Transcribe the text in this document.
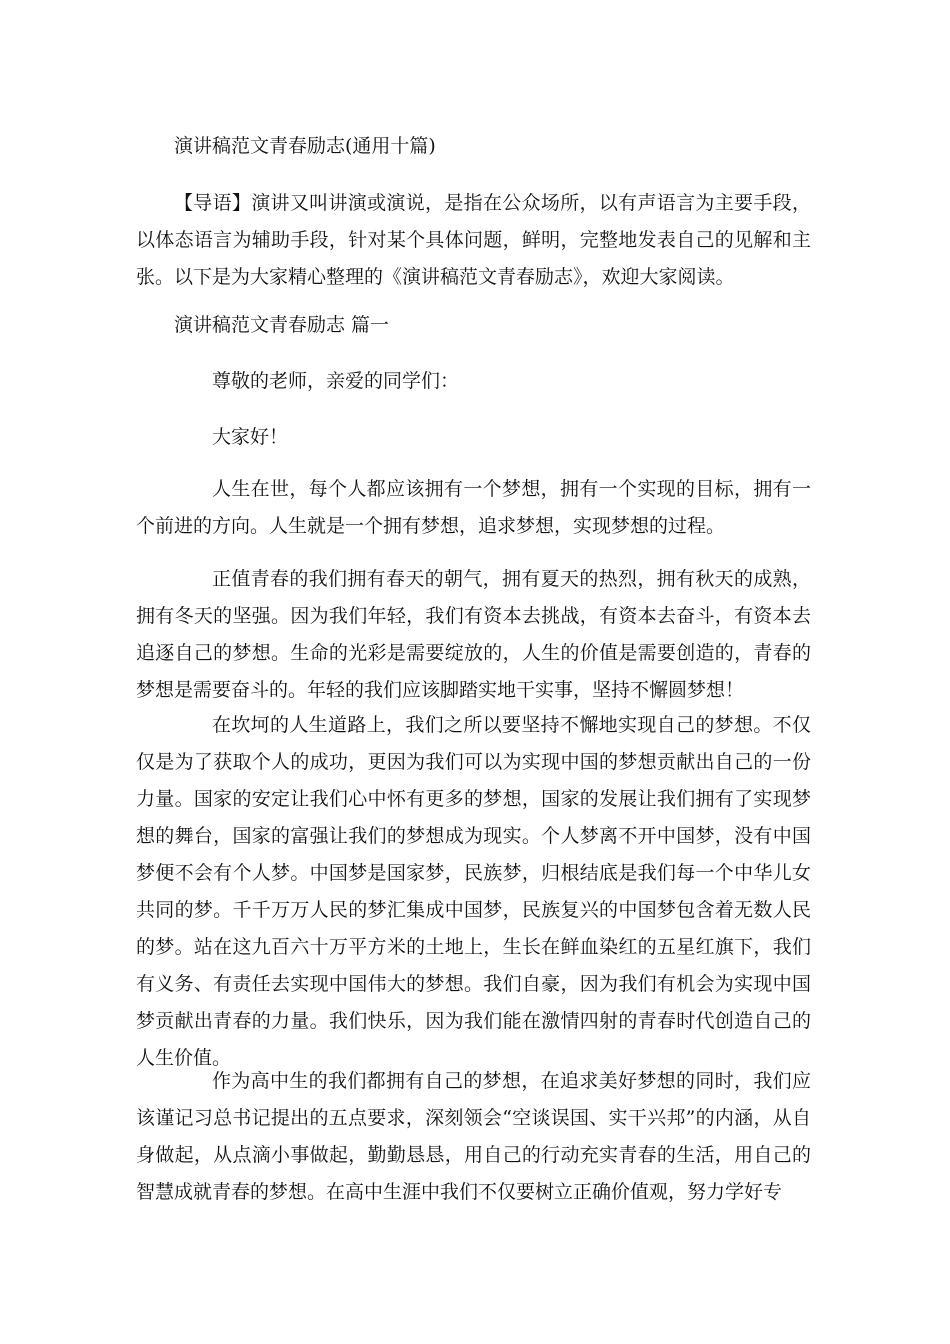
演讲稿范文青春励志(通用十篇)

【导语】演讲又叫讲演或演说，是指在公众场所，以有声语言为主要手段，以体态语言为辅助手段，针对某个具体问题，鲜明，完整地发表自己的见解和主张。以下是为大家精心整理的《演讲稿范文青春励志》，欢迎大家阅读。

演讲稿范文青春励志 篇一

尊敬的老师，亲爱的同学们：

大家好！

人生在世，每个人都应该拥有一个梦想，拥有一个实现的目标，拥有一个前进的方向。人生就是一个拥有梦想，追求梦想，实现梦想的过程。

正值青春的我们拥有春天的朝气，拥有夏天的热烈，拥有秋天的成熟，拥有冬天的坚强。因为我们年轻，我们有资本去挑战，有资本去奋斗，有资本去追逐自己的梦想。生命的光彩是需要绽放的，人生的价值是需要创造的，青春的梦想是需要奋斗的。年轻的我们应该脚踏实地干实事，坚持不懈圆梦想！

在坎坷的人生道路上，我们之所以要坚持不懈地实现自己的梦想。不仅仅是为了获取个人的成功，更因为我们可以为实现中国的梦想贡献出自己的一份力量。国家的安定让我们心中怀有更多的梦想，国家的发展让我们拥有了实现梦想的舞台，国家的富强让我们的梦想成为现实。个人梦离不开中国梦，没有中国梦便不会有个人梦。中国梦是国家梦，民族梦，归根结底是我们每一个中华儿女共同的梦。千千万万人民的梦汇集成中国梦，民族复兴的中国梦包含着无数人民的梦。站在这九百六十万平方米的土地上，生长在鲜血染红的五星红旗下，我们有义务、有责任去实现中国伟大的梦想。我们自豪，因为我们有机会为实现中国梦贡献出青春的力量。我们快乐，因为我们能在激情四射的青春时代创造自己的人生价值。

作为高中生的我们都拥有自己的梦想，在追求美好梦想的同时，我们应该谨记习总书记提出的五点要求，深刻领会“空谈误国、实干兴邦”的内涵，从自身做起，从点滴小事做起，勤勤恳恳，用自己的行动充实青春的生活，用自己的智慧成就青春的梦想。在高中生涯中我们不仅要树立正确价值观，努力学好专
